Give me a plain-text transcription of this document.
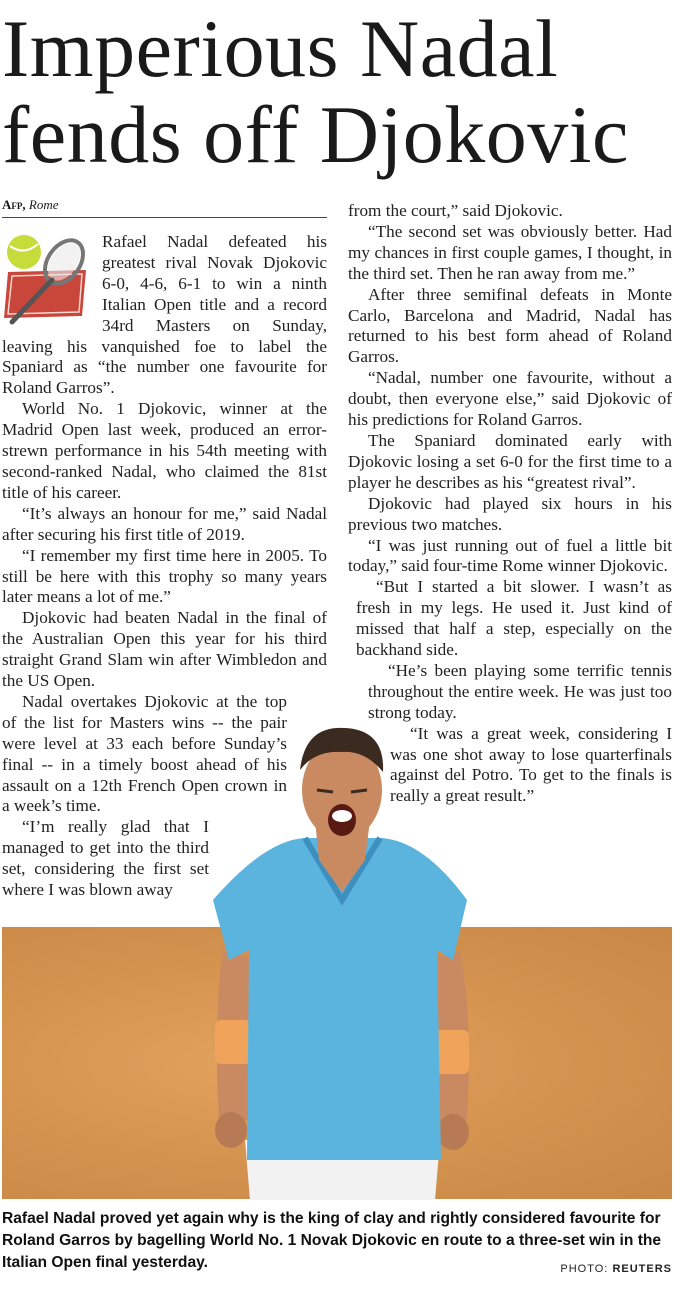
Imperious Nadal
fends off Djokovic
Afp, Rome

Rafael Nadal defeated his greatest rival Novak Djokovic 6-0, 4-6, 6-1 to win a ninth Italian Open title and a record 34rd Masters on Sunday, leaving his vanquished foe to label the Spaniard as “the number one favourite for Roland Garros”.

World No. 1 Djokovic, winner at the Madrid Open last week, produced an error-strewn performance in his 54th meeting with second-ranked Nadal, who claimed the 81st title of his career.

“It’s always an honour for me,” said Nadal after securing his first title of 2019.

“I remember my first time here in 2005. To still be here with this trophy so many years later means a lot of me.”

Djokovic had beaten Nadal in the final of the Australian Open this year for his third straight Grand Slam win after Wimbledon and the US Open.

Nadal overtakes Djokovic at the top of the list for Masters wins -- the pair were level at 33 each before Sunday’s final -- in a timely boost ahead of his assault on a 12th French Open crown in a week’s time.

“I’m really glad that I managed to get into the third set, considering the first set where I was blown away

from the court,” said Djokovic.

“The second set was obviously better. Had my chances in first couple games, I thought, in the third set. Then he ran away from me.”

After three semifinal defeats in Monte Carlo, Barcelona and Madrid, Nadal has returned to his best form ahead of Roland Garros.

“Nadal, number one favourite, without a doubt, then everyone else,” said Djokovic of his predictions for Roland Garros.

The Spaniard dominated early with Djokovic losing a set 6-0 for the first time to a player he describes as his “greatest rival”.

Djokovic had played six hours in his previous two matches.

“I was just running out of fuel a little bit today,” said four-time Rome winner Djokovic.

“But I started a bit slower. I wasn’t as fresh in my legs. He used it. Just kind of missed that half a step, especially on the backhand side.

“He’s been playing some terrific tennis throughout the entire week. He was just too strong today.

“It was a great week, considering I was one shot away to lose quarterfinals against del Potro. To get to the finals is really a great result.”

Rafael Nadal proved yet again why is the king of clay and rightly considered favourite for Roland Garros by bagelling World No. 1 Novak Djokovic en route to a three-set win in the Italian Open final yesterday.	PHOTO: REUTERS
